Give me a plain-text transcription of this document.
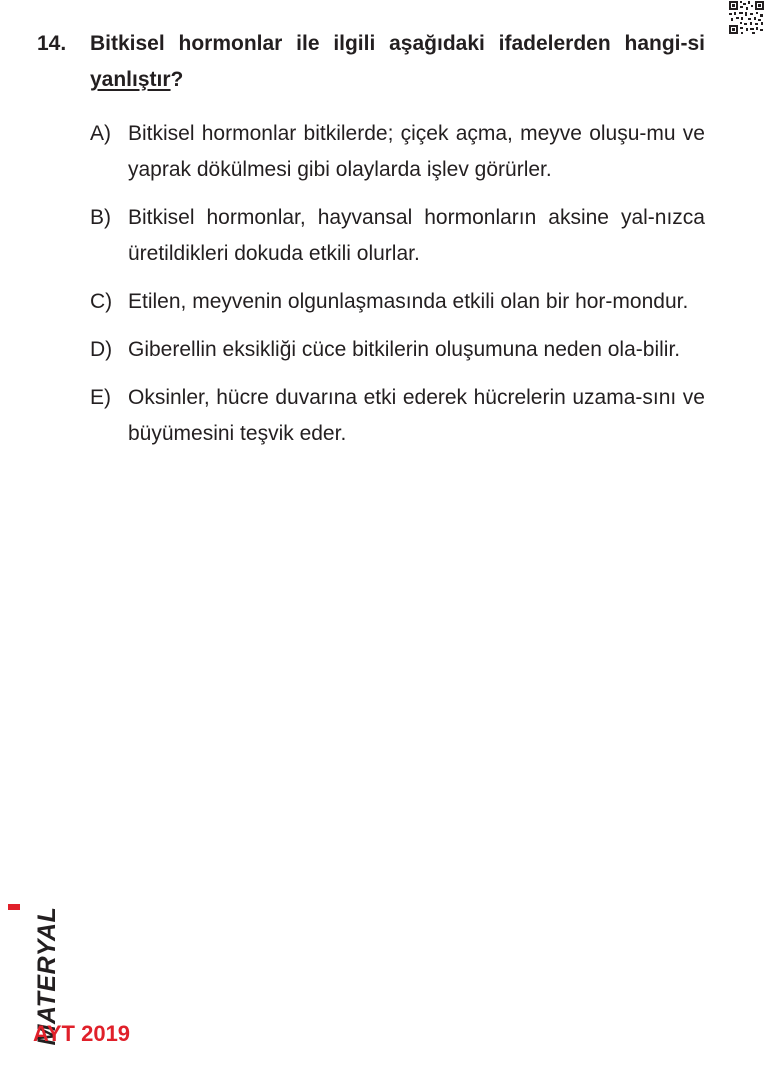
14. Bitkisel hormonlar ile ilgili aşağıdaki ifadelerden hangi-si yanlıştır?
A) Bitkisel hormonlar bitkilerde; çiçek açma, meyve oluşu-mu ve yaprak dökülmesi gibi olaylarda işlev görürler.
B) Bitkisel hormonlar, hayvansal hormonların aksine yal-nızca üretildikleri dokuda etkili olurlar.
C) Etilen, meyvenin olgunlaşmasında etkili olan bir hor-mondur.
D) Giberellin eksikliği cüce bitkilerin oluşumuna neden ola-bilir.
E) Oksinler, hücre duvarına etki ederek hücrelerin uzama-sını ve büyümesini teşvik eder.
MATERYAL
AYT 2019
